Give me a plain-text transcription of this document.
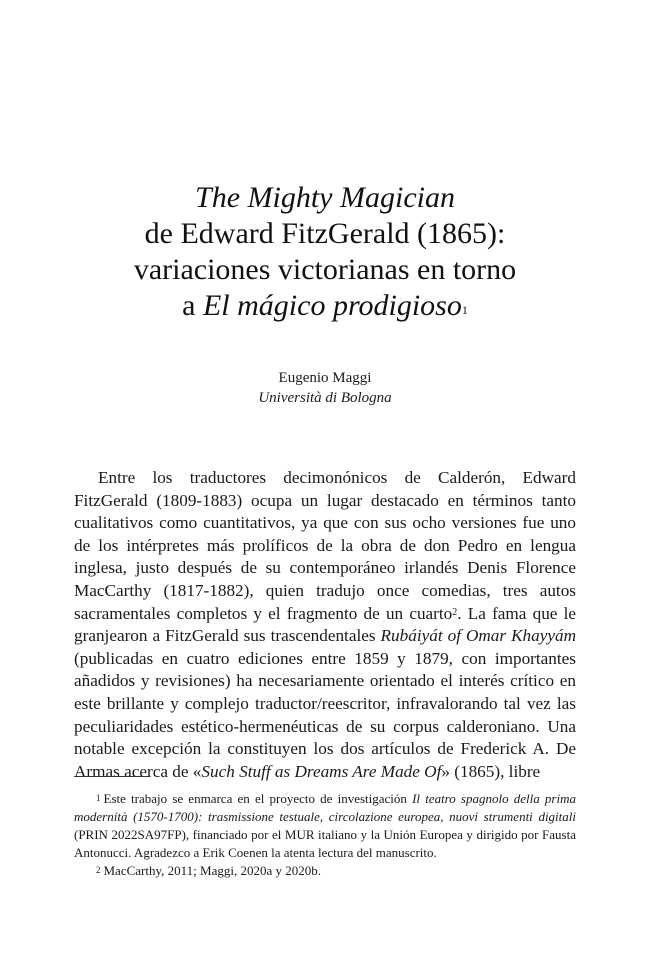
The Mighty Magician
de Edward FitzGerald (1865):
variaciones victorianas en torno
a El mágico prodigioso$^1$
Eugenio Maggi
Università di Bologna

Entre los traductores decimonónicos de Calderón, Edward FitzGerald (1809-1883) ocupa un lugar destacado en términos tanto cualitativos como cuantitativos, ya que con sus ocho versiones fue uno de los intérpretes más prolíficos de la obra de don Pedro en lengua inglesa, justo después de su contemporáneo irlandés Denis Florence MacCarthy (1817-1882), quien tradujo once comedias, tres autos sacramentales completos y el fragmento de un cuarto$^2$. La fama que le granjearon a FitzGerald sus trascendentales Rubáiyát of Omar Khayyám (publicadas en cuatro ediciones entre 1859 y 1879, con importantes añadidos y revisiones) ha necesariamente orientado el interés crítico en este brillante y complejo traductor/reescritor, infravalorando tal vez las peculiaridades estético-hermenéuticas de su corpus calderoniano. Una notable excepción la constituyen los dos artículos de Frederick A. De Armas acerca de «Such Stuff as Dreams Are Made Of» (1865), libre

$^1$ Este trabajo se enmarca en el proyecto de investigación Il teatro spagnolo della prima modernità (1570-1700): trasmissione testuale, circolazione europea, nuovi strumenti digitali (PRIN 2022SA97FP), financiado por el MUR italiano y la Unión Europea y dirigido por Fausta Antonucci. Agradezco a Erik Coenen la atenta lectura del manuscrito.

$^2$ MacCarthy, 2011; Maggi, 2020a y 2020b.
